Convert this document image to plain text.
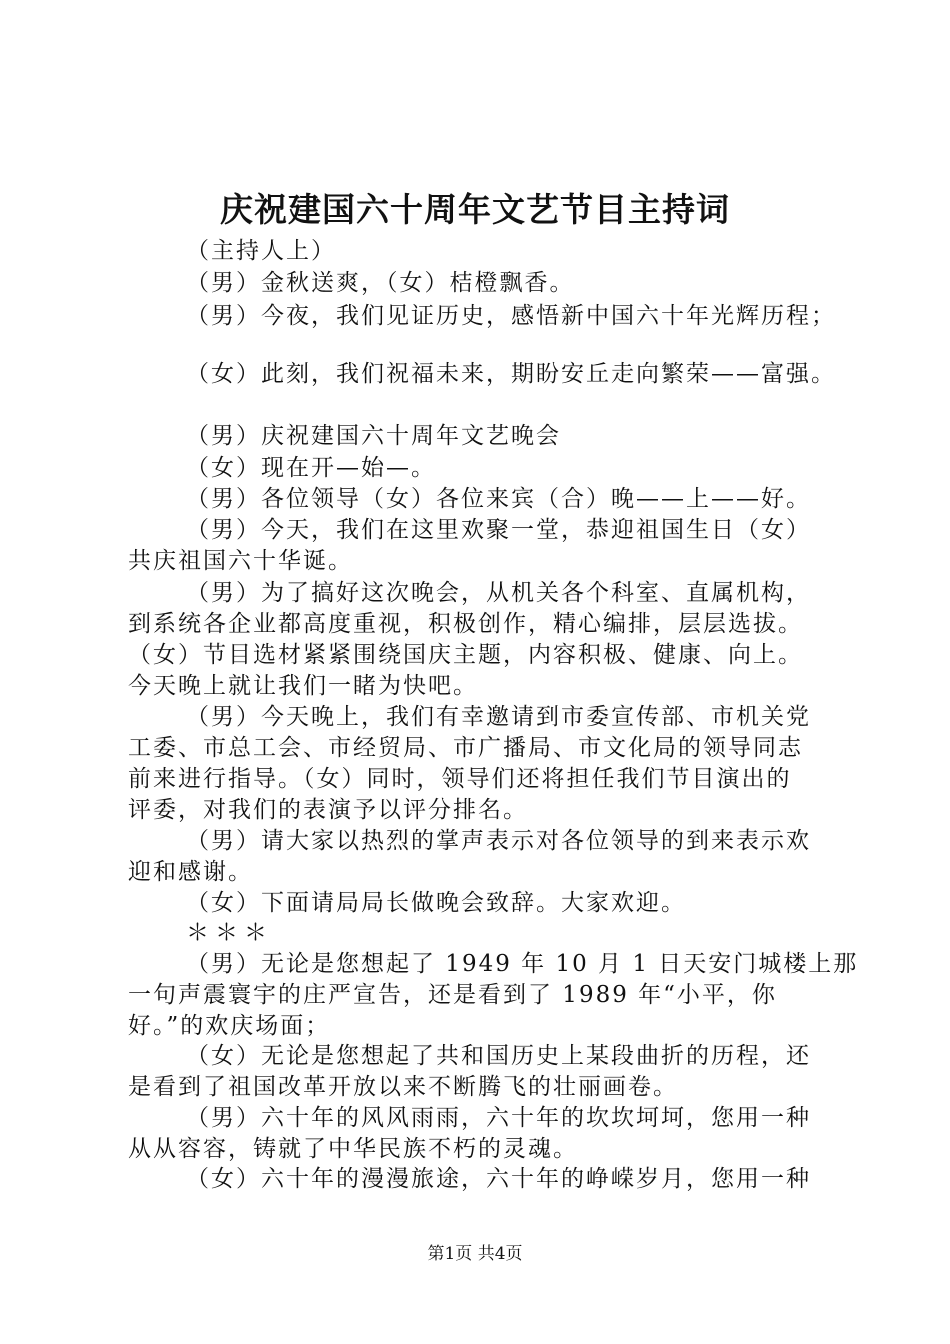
庆祝建国六十周年文艺节目主持词
（主持人上）
（男）金秋送爽，（女）桔橙飘香。
（男）今夜，我们见证历史，感悟新中国六十年光辉历程；
（女）此刻，我们祝福未来，期盼安丘走向繁荣——富强。
（男）庆祝建国六十周年文艺晚会
（女）现在开—始—。
（男）各位领导（女）各位来宾（合）晚——上——好。
（男）今天，我们在这里欢聚一堂，恭迎祖国生日（女）
共庆祖国六十华诞。
（男）为了搞好这次晚会，从机关各个科室、直属机构，
到系统各企业都高度重视，积极创作，精心编排，层层选拔。
（女）节目选材紧紧围绕国庆主题，内容积极、健康、向上。
今天晚上就让我们一睹为快吧。
（男）今天晚上，我们有幸邀请到市委宣传部、市机关党
工委、市总工会、市经贸局、市广播局、市文化局的领导同志
前来进行指导。（女）同时，领导们还将担任我们节目演出的
评委，对我们的表演予以评分排名。
（男）请大家以热烈的掌声表示对各位领导的到来表示欢
迎和感谢。
（女）下面请局局长做晚会致辞。大家欢迎。
＊＊＊
（男）无论是您想起了 1949 年 10 月 1 日天安门城楼上那
一句声震寰宇的庄严宣告，还是看到了 1989 年“小平，你
好。”的欢庆场面；
（女）无论是您想起了共和国历史上某段曲折的历程，还
是看到了祖国改革开放以来不断腾飞的壮丽画卷。
（男）六十年的风风雨雨，六十年的坎坎坷坷，您用一种
从从容容，铸就了中华民族不朽的灵魂。
（女）六十年的漫漫旅途，六十年的峥嵘岁月，您用一种
第1页 共4页
